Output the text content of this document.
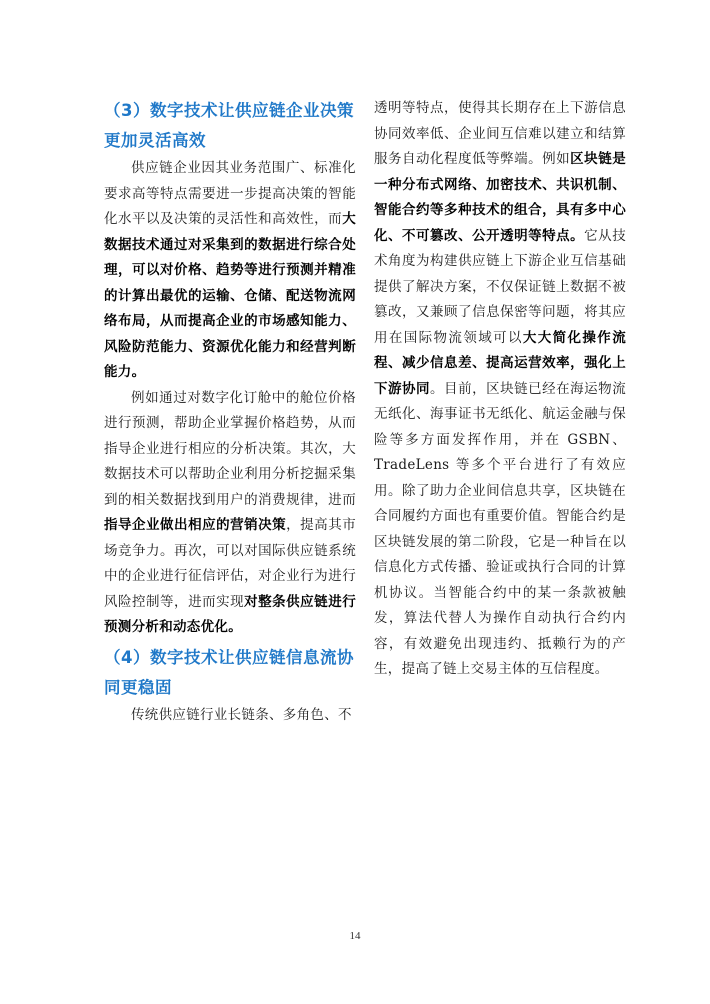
（3）数字技术让供应链企业决策更加灵活高效

供应链企业因其业务范围广、标准化要求高等特点需要进一步提高决策的智能化水平以及决策的灵活性和高效性，而大数据技术通过对采集到的数据进行综合处理，可以对价格、趋势等进行预测并精准的计算出最优的运输、仓储、配送物流网络布局，从而提高企业的市场感知能力、风险防范能力、资源优化能力和经营判断能力。

例如通过对数字化订舱中的舱位价格进行预测，帮助企业掌握价格趋势，从而指导企业进行相应的分析决策。其次，大数据技术可以帮助企业利用分析挖掘采集到的相关数据找到用户的消费规律，进而指导企业做出相应的营销决策，提高其市场竞争力。再次，可以对国际供应链系统中的企业进行征信评估，对企业行为进行风险控制等，进而实现对整条供应链进行预测分析和动态优化。

（4）数字技术让供应链信息流协同更稳固

传统供应链行业长链条、多角色、不

透明等特点，使得其长期存在上下游信息协同效率低、企业间互信难以建立和结算服务自动化程度低等弊端。例如区块链是一种分布式网络、加密技术、共识机制、智能合约等多种技术的组合，具有多中心化、不可篡改、公开透明等特点。它从技术角度为构建供应链上下游企业互信基础提供了解决方案，不仅保证链上数据不被篡改，又兼顾了信息保密等问题，将其应用在国际物流领域可以大大简化操作流程、减少信息差、提高运营效率，强化上下游协同。目前，区块链已经在海运物流无纸化、海事证书无纸化、航运金融与保险等多方面发挥作用，并在 GSBN、TradeLens 等多个平台进行了有效应用。除了助力企业间信息共享，区块链在合同履约方面也有重要价值。智能合约是区块链发展的第二阶段，它是一种旨在以信息化方式传播、验证或执行合同的计算机协议。当智能合约中的某一条款被触发，算法代替人为操作自动执行合约内容，有效避免出现违约、抵赖行为的产生，提高了链上交易主体的互信程度。

14
